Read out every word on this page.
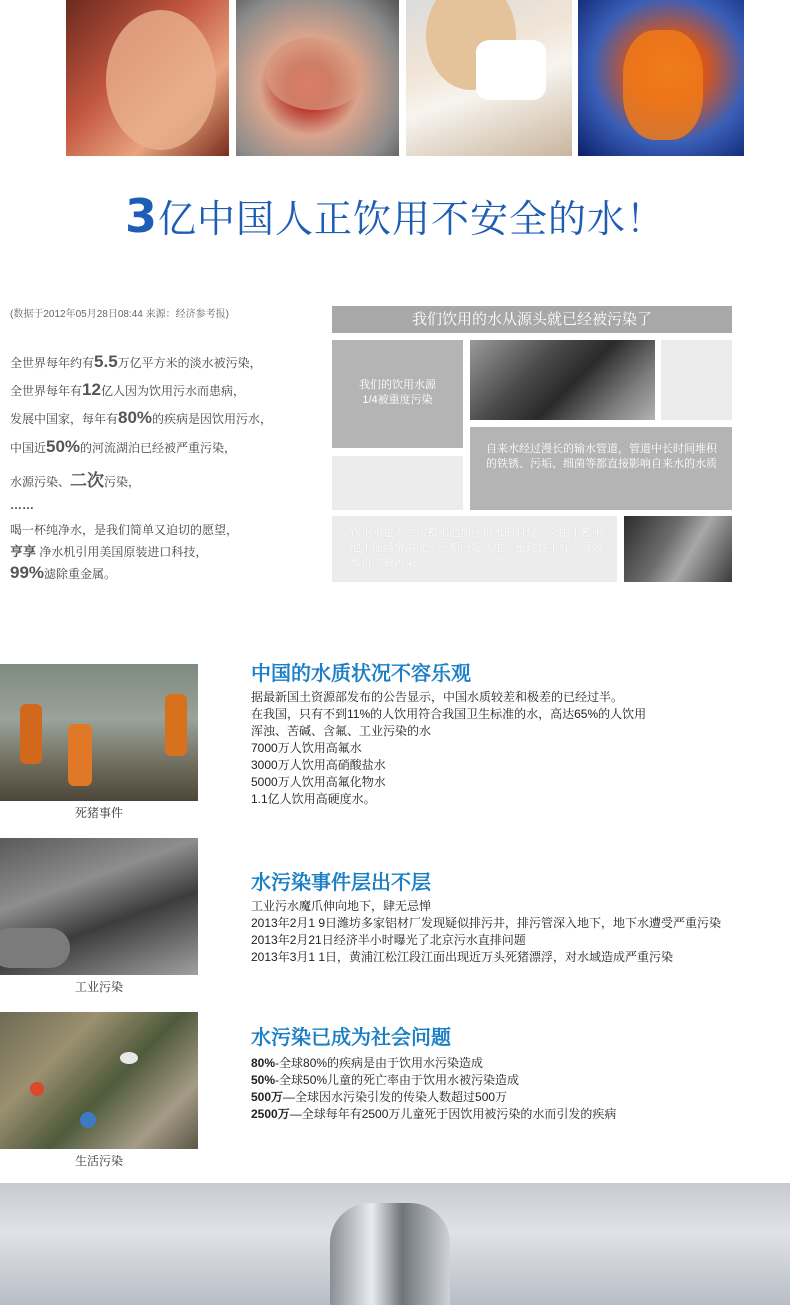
3亿中国人正饮用不安全的水！
(数据于2012年05月28日08:44 来源：经济参考报)
全世界每年约有5.5万亿平方米的淡水被污染，
全世界每年有12亿人因为饮用污水而患病，
发展中国家，每年有80%的疾病是因饮用污水，
中国近50%的河流湖泊已经被严重污染，
水源污染、二次污染，
……
喝一杯纯净水，是我们简单又迫切的愿望，
亨享 净水机引用美国原装进口科技，
99%滤除重金属。
我们饮用的水从源头就已经被污染了
我们的饮用水源
1/4被重度污染
自来水经过漫长的输水管道，管道中长时间堆积的铁锈、污垢、细菌等都直接影响自来水的水质
饮用水进入二次蓄水池加压供水的时候，会由于蓄水池不能经常清洗，污垢沉淀严重、密封性不好，导致水再次被污染
死猪事件
中国的水质状况不容乐观
据最新国土资源部发布的公告显示，中国水质较差和极差的已经过半。
在我国，只有不到11%的人饮用符合我国卫生标准的水，高达65%的人饮用
浑浊、苦碱、含氟、工业污染的水
7000万人饮用高氟水
3000万人饮用高硝酸盐水
5000万人饮用高氟化物水
1.1亿人饮用高硬度水。
工业污染
水污染事件层出不层
工业污水魔爪伸向地下，肆无忌惮
2013年2月1 9日潍坊多家铝材厂发现疑似排污井，排污管深入地下，地下水遭受严重污染
2013年2月21日经济半小时曝光了北京污水直排问题
2013年3月1 1日，黄浦江松江段江面出现近万头死猪漂浮，对水域造成严重污染
生活污染
水污染已成为社会问题
80%-全球80%的疾病是由于饮用水污染造成
50%-全球50%儿童的死亡率由于饮用水被污染造成
500万—全球因水污染引发的传染人数超过500万
2500万—全球每年有2500万儿童死于因饮用被污染的水而引发的疾病
